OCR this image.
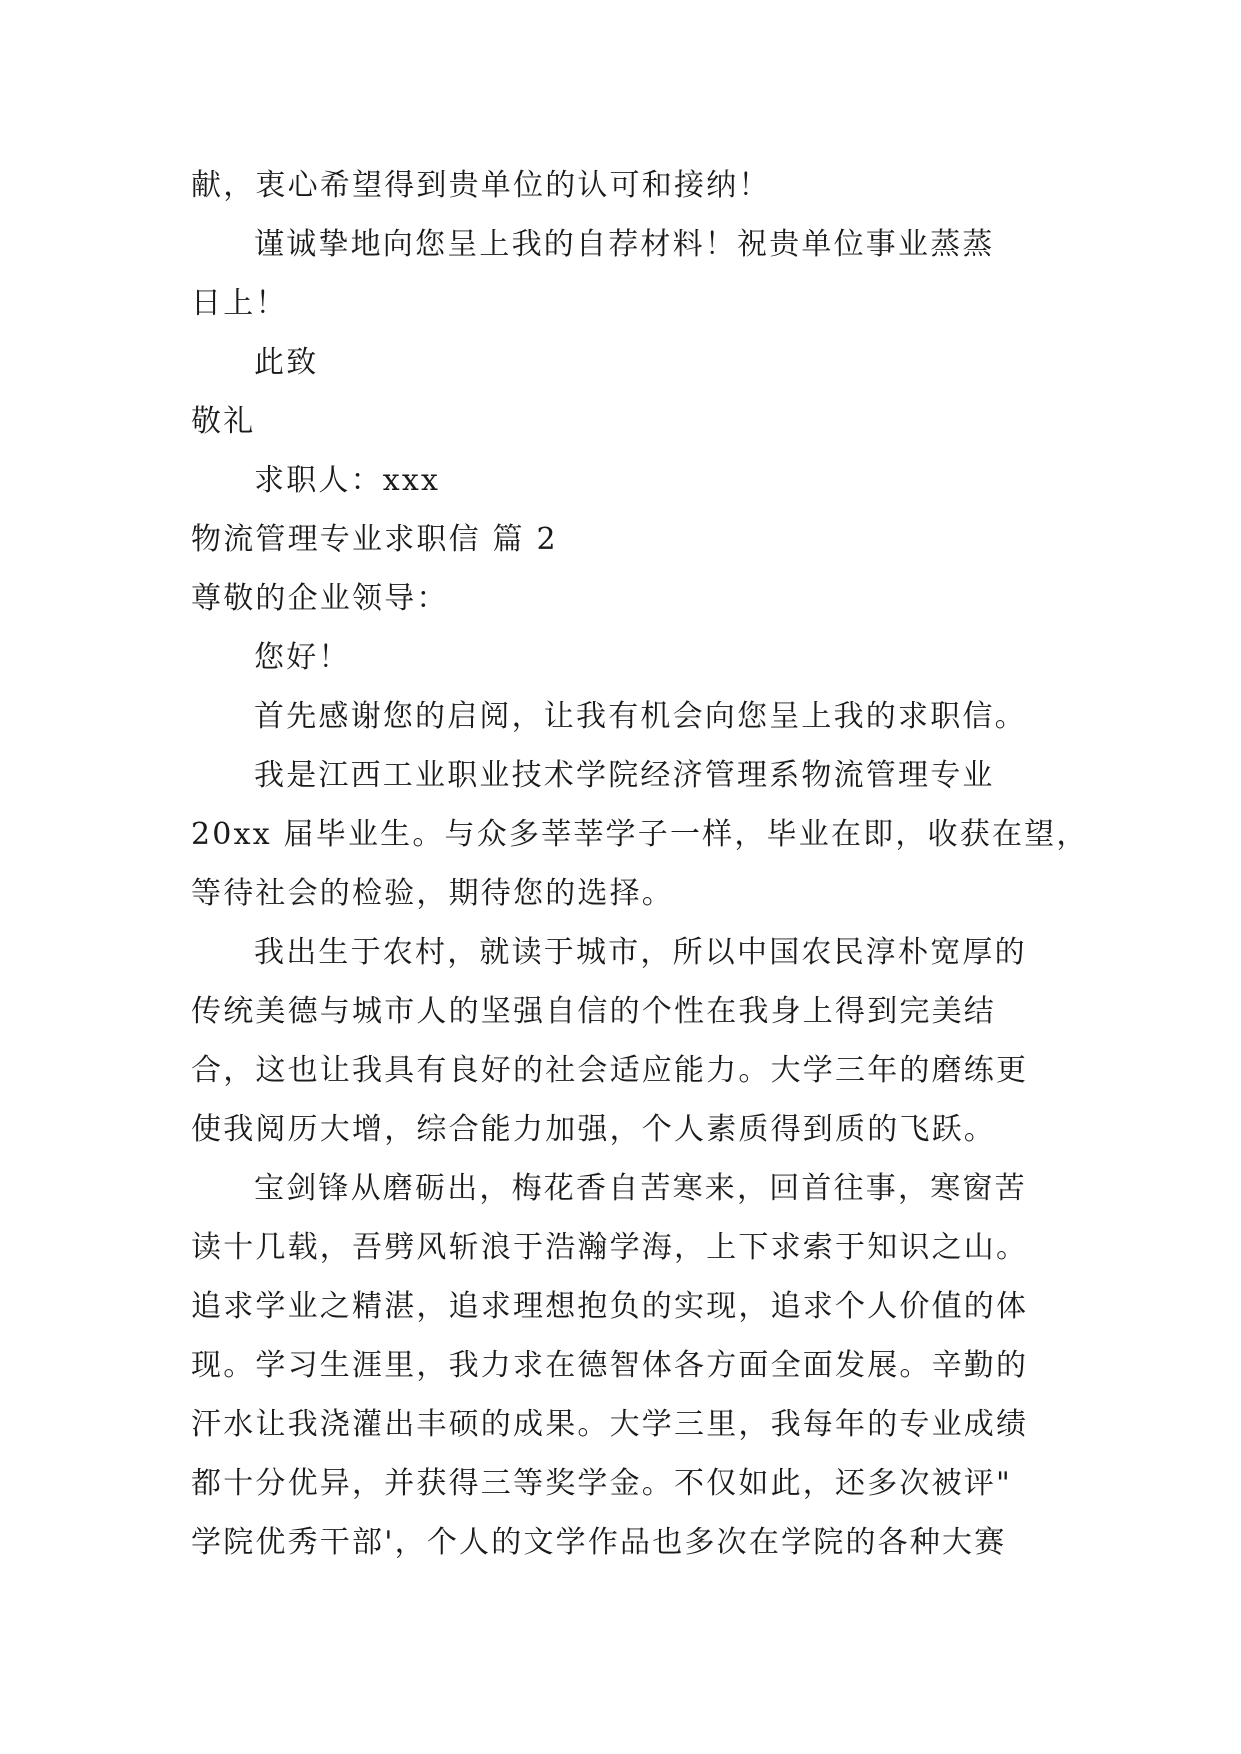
献，衷心希望得到贵单位的认可和接纳！
谨诚挚地向您呈上我的自荐材料！祝贵单位事业蒸蒸
日上！
此致
敬礼
求职人：xxx
物流管理专业求职信 篇 2
尊敬的企业领导：
您好！
首先感谢您的启阅，让我有机会向您呈上我的求职信。
我是江西工业职业技术学院经济管理系物流管理专业
20xx 届毕业生。与众多莘莘学子一样，毕业在即，收获在望，
等待社会的检验，期待您的选择。
我出生于农村，就读于城市，所以中国农民淳朴宽厚的
传统美德与城市人的坚强自信的个性在我身上得到完美结
合，这也让我具有良好的社会适应能力。大学三年的磨练更
使我阅历大增，综合能力加强，个人素质得到质的飞跃。
宝剑锋从磨砺出，梅花香自苦寒来，回首往事，寒窗苦
读十几载，吾劈风斩浪于浩瀚学海，上下求索于知识之山。
追求学业之精湛，追求理想抱负的实现，追求个人价值的体
现。学习生涯里，我力求在德智体各方面全面发展。辛勤的
汗水让我浇灌出丰硕的成果。大学三里，我每年的专业成绩
都十分优异，并获得三等奖学金。不仅如此，还多次被评"
学院优秀干部'，个人的文学作品也多次在学院的各种大赛
